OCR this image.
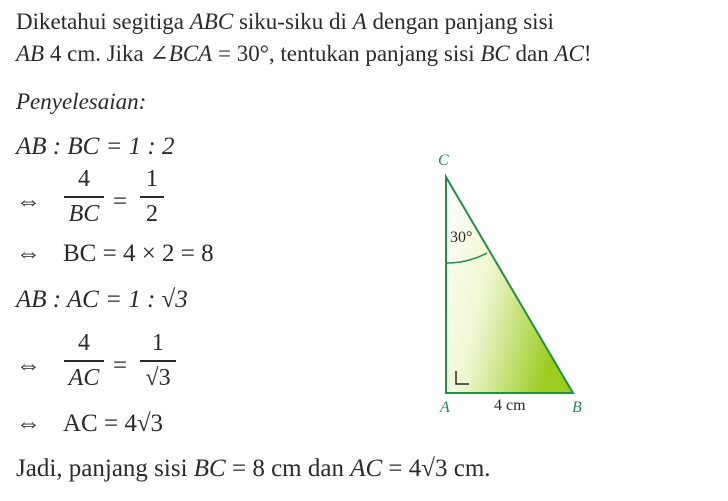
Diketahui segitiga ABC siku-siku di A dengan panjang sisi
AB 4 cm. Jika ∠BCA = 30°, tentukan panjang sisi BC dan AC!
Penyelesaian:
AB : BC = 1 : 2
⇔
4
BC =
1
2
⇔ BC = 4 × 2 = 8
AB : AC = 1 : √3
⇔
4
AC =
1
√3
⇔ AC = 4√3
Jadi, panjang sisi BC = 8 cm dan AC = 4√3 cm.
C
30°
A	4 cm	B
